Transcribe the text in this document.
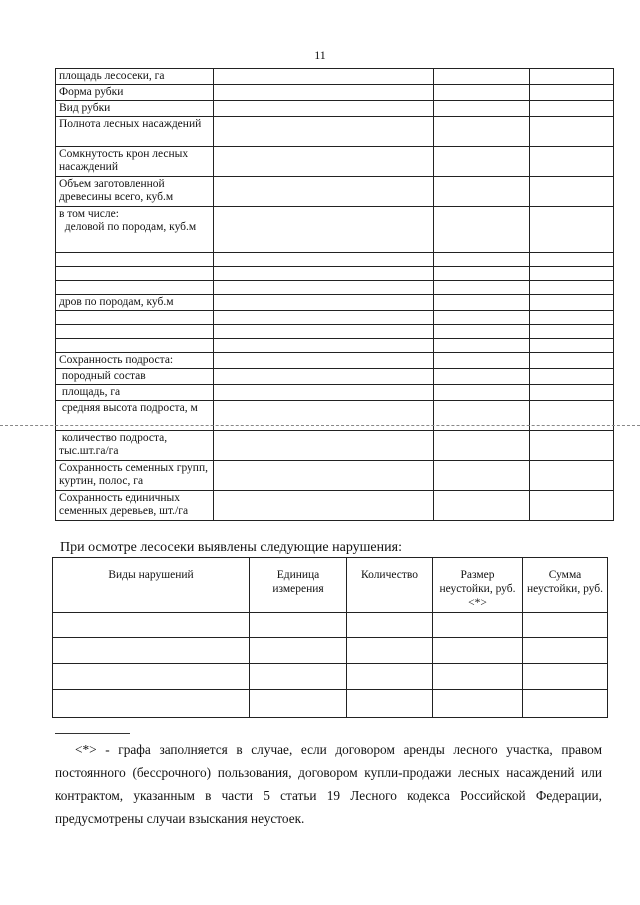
11
площадь лесосеки, га			
Форма рубки			
Вид рубки			
Полнота лесных насаждений			
Сомкнутость крон лесных насаждений			
Объем заготовленной древесины всего, куб.м			
в том числе:
деловой по породам, куб.м			

дров по породам, куб.м			

Сохранность подроста:			
породный состав			
площадь, га			
средняя высота подроста, м			
количество подроста, тыс.шт.га/га			
Сохранность семенных групп, куртин, полос, га			
Сохранность единичных семенных деревьев, шт./га			
При осмотре лесосеки выявлены следующие нарушения:
Виды нарушений	Единица измерения	Количество	Размер неустойки, руб. <*>	Сумма неустойки, руб.

<*> - графа заполняется в случае, если договором аренды лесного участка, правом постоянного (бессрочного) пользования, договором купли-продажи лесных насаждений или контрактом, указанным в части 5 статьи 19 Лесного кодекса Российской Федерации, предусмотрены случаи взыскания неустоек.
